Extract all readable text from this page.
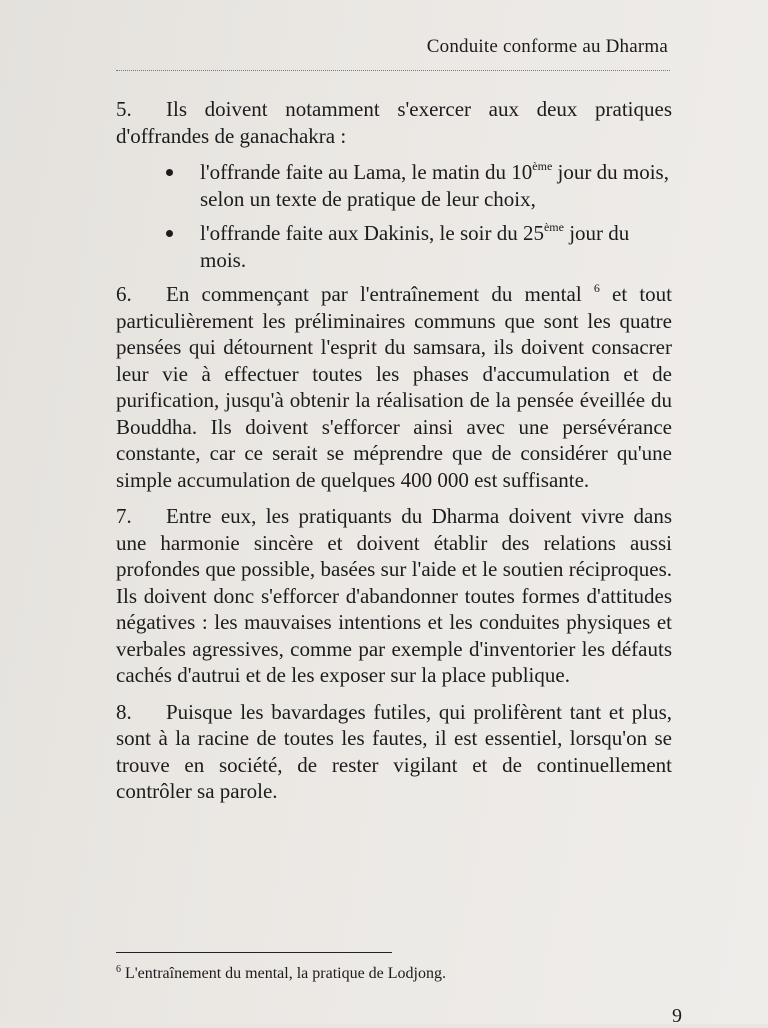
Conduite conforme au Dharma

5. Ils doivent notamment s'exercer aux deux pratiques d'offrandes de ganachakra :

l'offrande faite au Lama, le matin du 10ème jour du mois, selon un texte de pratique de leur choix,
l'offrande faite aux Dakinis, le soir du 25ème jour du mois.

6. En commençant par l'entraînement du mental $^6$ et tout particulièrement les préliminaires communs que sont les quatre pensées qui détournent l'esprit du samsara, ils doivent consacrer leur vie à effectuer toutes les phases d'accumulation et de purification, jusqu'à obtenir la réalisation de la pensée éveillée du Bouddha. Ils doivent s'efforcer ainsi avec une persévérance constante, car ce serait se méprendre que de considérer qu'une simple accumulation de quelques 400 000 est suffisante.

7. Entre eux, les pratiquants du Dharma doivent vivre dans une harmonie sincère et doivent établir des relations aussi profondes que possible, basées sur l'aide et le soutien réciproques. Ils doivent donc s'efforcer d'abandonner toutes formes d'attitudes négatives : les mauvaises intentions et les conduites physiques et verbales agressives, comme par exemple d'inventorier les défauts cachés d'autrui et de les exposer sur la place publique.

8. Puisque les bavardages futiles, qui prolifèrent tant et plus, sont à la racine de toutes les fautes, il est essentiel, lorsqu'on se trouve en société, de rester vigilant et de continuellement contrôler sa parole.

$^6$ L'entraînement du mental, la pratique de Lodjong.
9
